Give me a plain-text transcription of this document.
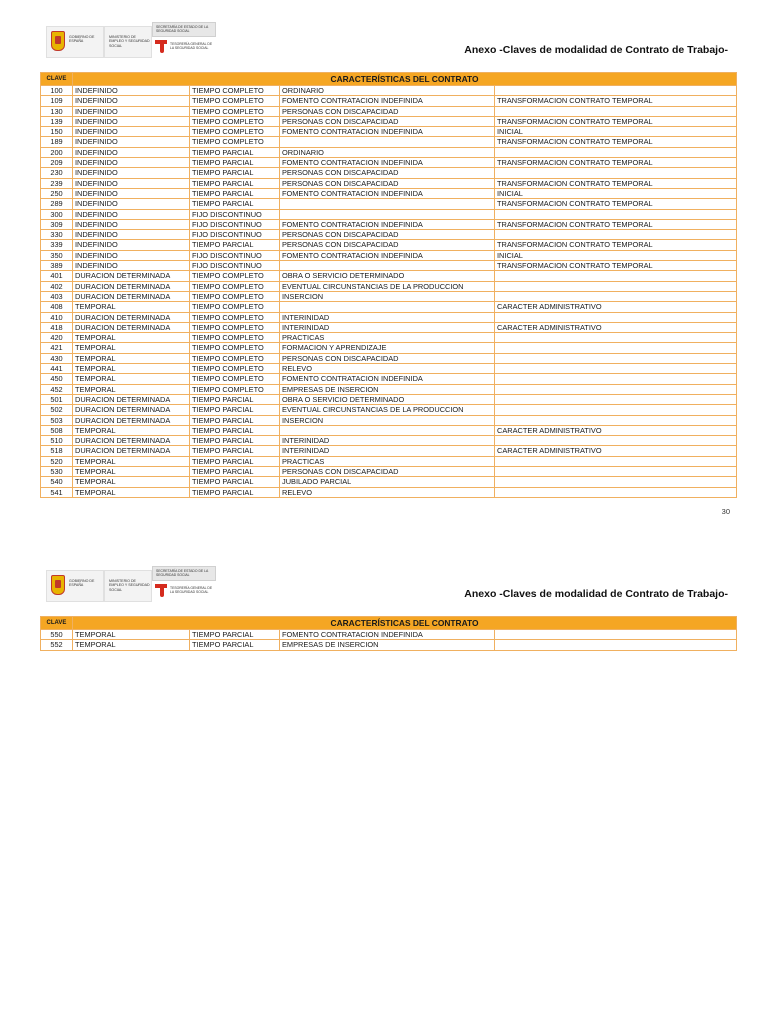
GOBIERNO DE ESPAÑA
MINISTERIO DE EMPLEO Y SEGURIDAD SOCIAL
SECRETARÍA DE ESTADO DE LA SEGURIDAD SOCIAL
TESORERÍA GENERAL DE LA SEGURIDAD SOCIAL	Anexo -Claves de modalidad de Contrato de Trabajo-
CLAVE	CARACTERÍSTICAS DEL CONTRATO			
100	INDEFINIDO	TIEMPO COMPLETO	ORDINARIO	
109	INDEFINIDO	TIEMPO COMPLETO	FOMENTO CONTRATACION INDEFINIDA	TRANSFORMACION CONTRATO TEMPORAL
130	INDEFINIDO	TIEMPO COMPLETO	PERSONAS CON DISCAPACIDAD	
139	INDEFINIDO	TIEMPO COMPLETO	PERSONAS CON DISCAPACIDAD	TRANSFORMACION CONTRATO TEMPORAL
150	INDEFINIDO	TIEMPO COMPLETO	FOMENTO CONTRATACION INDEFINIDA	INICIAL
189	INDEFINIDO	TIEMPO COMPLETO		TRANSFORMACION CONTRATO TEMPORAL
200	INDEFINIDO	TIEMPO PARCIAL	ORDINARIO	
209	INDEFINIDO	TIEMPO PARCIAL	FOMENTO CONTRATACION INDEFINIDA	TRANSFORMACION CONTRATO TEMPORAL
230	INDEFINIDO	TIEMPO PARCIAL	PERSONAS CON DISCAPACIDAD	
239	INDEFINIDO	TIEMPO PARCIAL	PERSONAS CON DISCAPACIDAD	TRANSFORMACION CONTRATO TEMPORAL
250	INDEFINIDO	TIEMPO PARCIAL	FOMENTO CONTRATACION INDEFINIDA	INICIAL
289	INDEFINIDO	TIEMPO PARCIAL		TRANSFORMACION CONTRATO TEMPORAL
300	INDEFINIDO	FIJO DISCONTINUO		
309	INDEFINIDO	FIJO DISCONTINUO	FOMENTO CONTRATACION INDEFINIDA	TRANSFORMACION CONTRATO TEMPORAL
330	INDEFINIDO	FIJO DISCONTINUO	PERSONAS CON DISCAPACIDAD	
339	INDEFINIDO	TIEMPO PARCIAL	PERSONAS CON DISCAPACIDAD	TRANSFORMACION CONTRATO TEMPORAL
350	INDEFINIDO	FIJO DISCONTINUO	FOMENTO CONTRATACION INDEFINIDA	INICIAL
389	INDEFINIDO	FIJO DISCONTINUO		TRANSFORMACION CONTRATO TEMPORAL
401	DURACION DETERMINADA	TIEMPO COMPLETO	OBRA O SERVICIO DETERMINADO	
402	DURACION DETERMINADA	TIEMPO COMPLETO	EVENTUAL CIRCUNSTANCIAS DE LA PRODUCCION	
403	DURACION DETERMINADA	TIEMPO COMPLETO	INSERCION	
408	TEMPORAL	TIEMPO COMPLETO		CARACTER ADMINISTRATIVO
410	DURACION DETERMINADA	TIEMPO COMPLETO	INTERINIDAD	
418	DURACION DETERMINADA	TIEMPO COMPLETO	INTERINIDAD	CARACTER ADMINISTRATIVO
420	TEMPORAL	TIEMPO COMPLETO	PRACTICAS	
421	TEMPORAL	TIEMPO COMPLETO	FORMACION Y APRENDIZAJE	
430	TEMPORAL	TIEMPO COMPLETO	PERSONAS CON DISCAPACIDAD	
441	TEMPORAL	TIEMPO COMPLETO	RELEVO	
450	TEMPORAL	TIEMPO COMPLETO	FOMENTO CONTRATACION INDEFINIDA	
452	TEMPORAL	TIEMPO COMPLETO	EMPRESAS DE INSERCION	
501	DURACION DETERMINADA	TIEMPO PARCIAL	OBRA O SERVICIO DETERMINADO	
502	DURACION DETERMINADA	TIEMPO PARCIAL	EVENTUAL CIRCUNSTANCIAS DE LA PRODUCCION	
503	DURACION DETERMINADA	TIEMPO PARCIAL	INSERCION	
508	TEMPORAL	TIEMPO PARCIAL		CARACTER ADMINISTRATIVO
510	DURACION DETERMINADA	TIEMPO PARCIAL	INTERINIDAD	
518	DURACION DETERMINADA	TIEMPO PARCIAL	INTERINIDAD	CARACTER ADMINISTRATIVO
520	TEMPORAL	TIEMPO PARCIAL	PRACTICAS	
530	TEMPORAL	TIEMPO PARCIAL	PERSONAS CON DISCAPACIDAD	
540	TEMPORAL	TIEMPO PARCIAL	JUBILADO PARCIAL	
541	TEMPORAL	TIEMPO PARCIAL	RELEVO	
30
GOBIERNO DE ESPAÑA
MINISTERIO DE EMPLEO Y SEGURIDAD SOCIAL
SECRETARÍA DE ESTADO DE LA SEGURIDAD SOCIAL
TESORERÍA GENERAL DE LA SEGURIDAD SOCIAL	Anexo -Claves de modalidad de Contrato de Trabajo-
CLAVE	CARACTERÍSTICAS DEL CONTRATO			
550	TEMPORAL	TIEMPO PARCIAL	FOMENTO CONTRATACION INDEFINIDA	
552	TEMPORAL	TIEMPO PARCIAL	EMPRESAS DE INSERCION	
